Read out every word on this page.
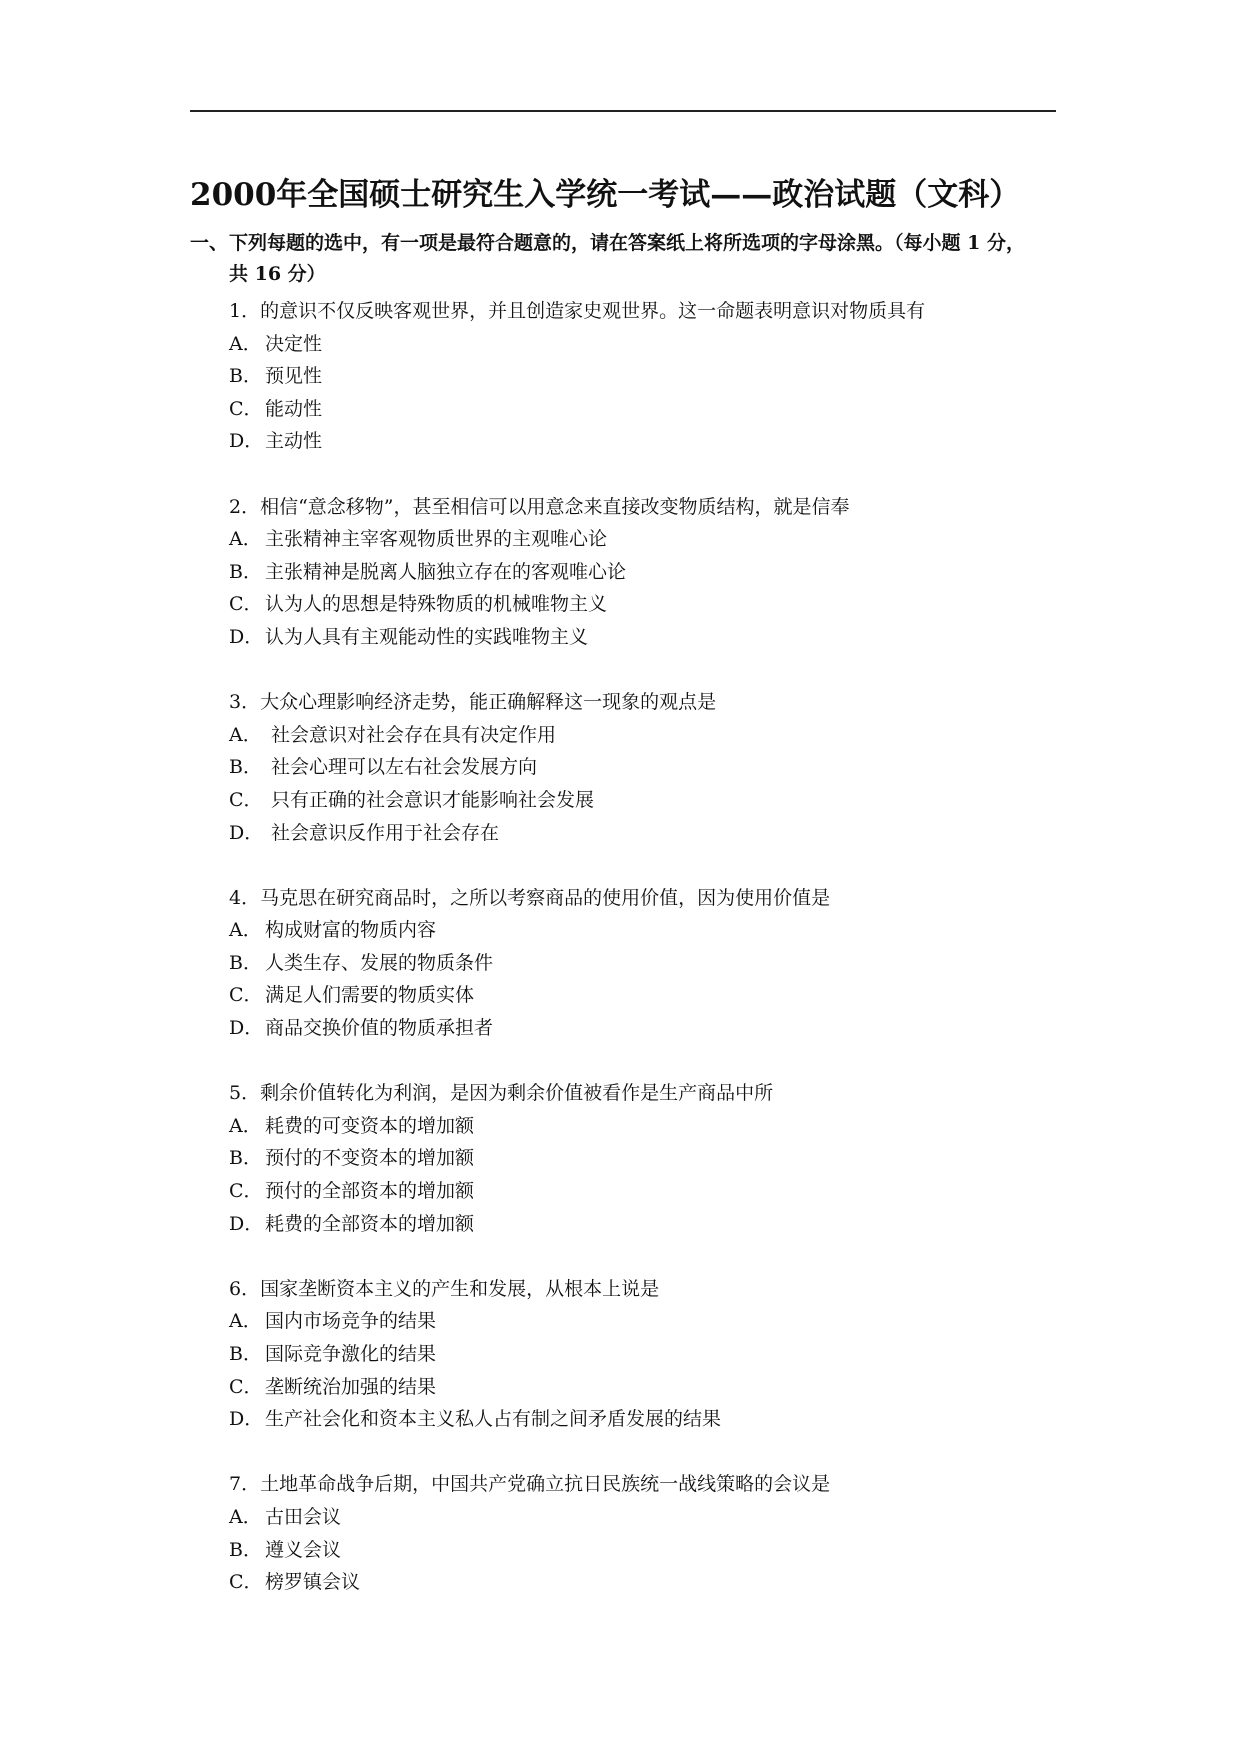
2000年全国硕士研究生入学统一考试——政治试题（文科）
一、下列每题的选中，有一项是最符合题意的，请在答案纸上将所选项的字母涂黑。（每小题 1 分，
共 16 分）
1．的意识不仅反映客观世界，并且创造家史观世界。这一命题表明意识对物质具有
A． 决定性
B． 预见性
C． 能动性
D．主动性
2．相信“意念移物”，甚至相信可以用意念来直接改变物质结构，就是信奉
A． 主张精神主宰客观物质世界的主观唯心论
B． 主张精神是脱离人脑独立存在的客观唯心论
C． 认为人的思想是特殊物质的机械唯物主义
D．认为人具有主观能动性的实践唯物主义
3．大众心理影响经济走势，能正确解释这一现象的观点是
A． 社会意识对社会存在具有决定作用
B． 社会心理可以左右社会发展方向
C． 只有正确的社会意识才能影响社会发展
D． 社会意识反作用于社会存在
4．马克思在研究商品时，之所以考察商品的使用价值，因为使用价值是
A． 构成财富的物质内容
B． 人类生存、发展的物质条件
C． 满足人们需要的物质实体
D．商品交换价值的物质承担者
5．剩余价值转化为利润，是因为剩余价值被看作是生产商品中所
A． 耗费的可变资本的增加额
B． 预付的不变资本的增加额
C． 预付的全部资本的增加额
D．耗费的全部资本的增加额
6．国家垄断资本主义的产生和发展，从根本上说是
A． 国内市场竞争的结果
B． 国际竞争激化的结果
C． 垄断统治加强的结果
D．生产社会化和资本主义私人占有制之间矛盾发展的结果
7．土地革命战争后期，中国共产党确立抗日民族统一战线策略的会议是
A． 古田会议
B． 遵义会议
C． 榜罗镇会议
